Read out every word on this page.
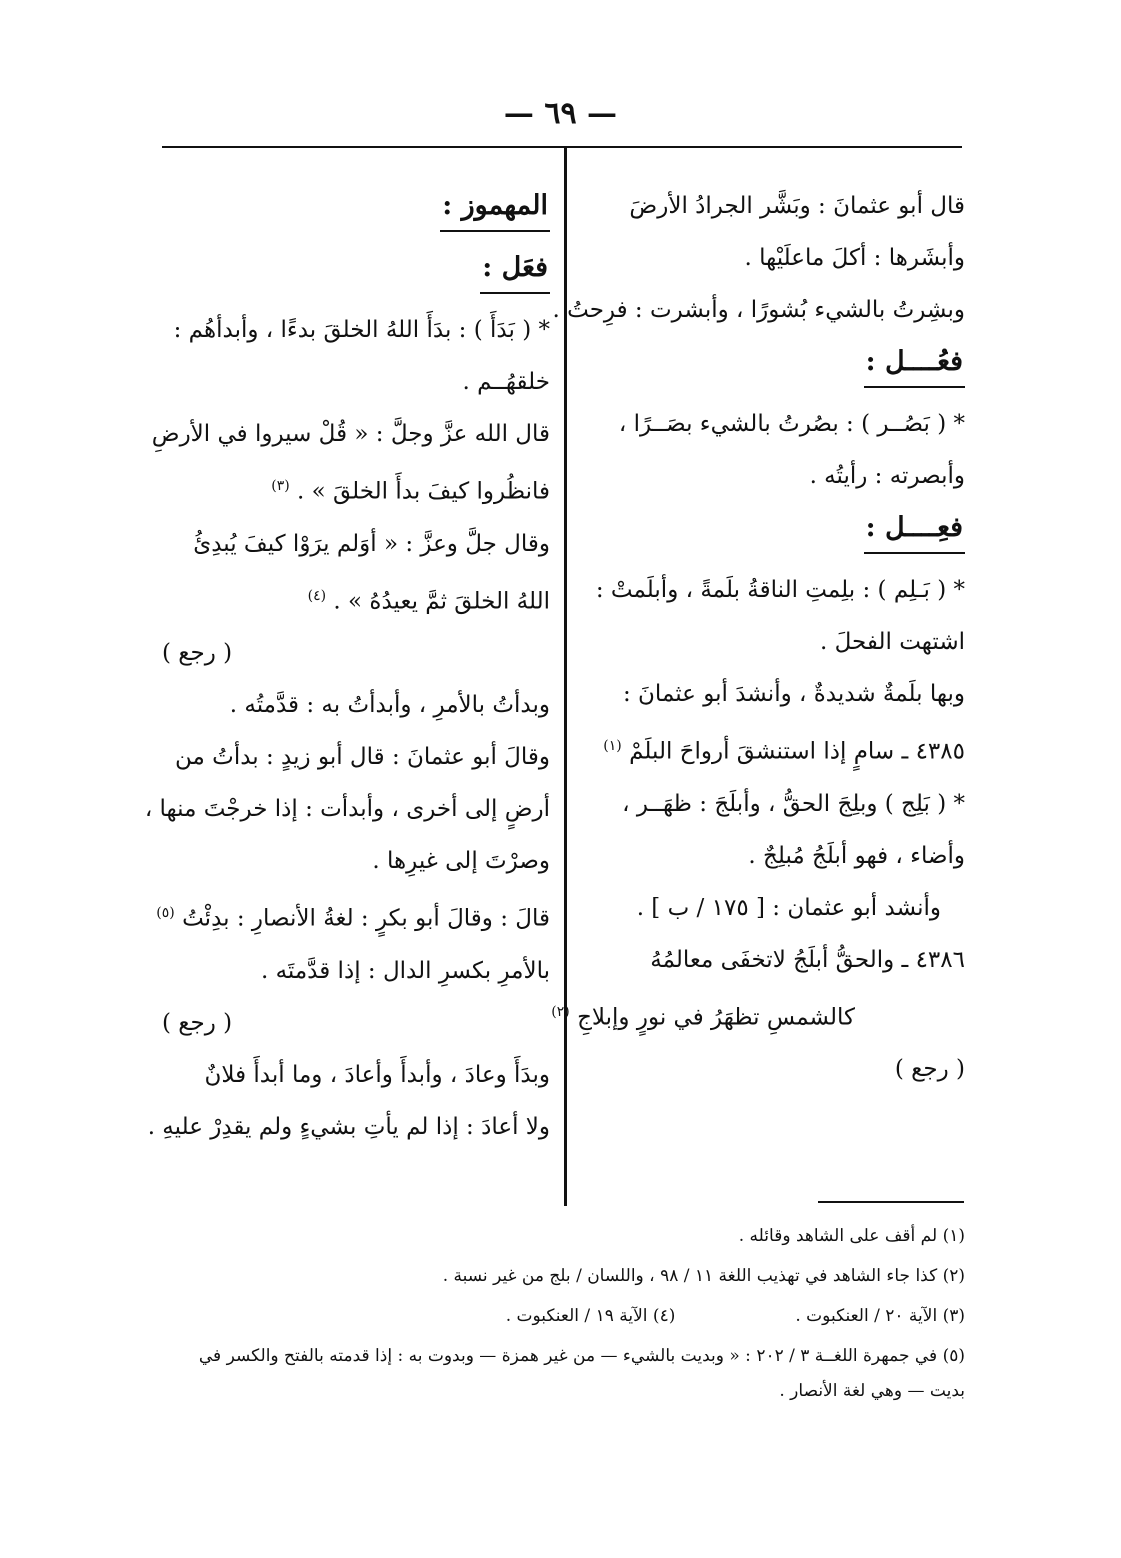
— ٦٩ —
قال أبو عثمانَ : وبَشَّر الجرادُ الأرضَ
وأبشَرها : أكلَ ماعلَيْها .
وبشِرتُ بالشيء بُشورًا ، وأبشرت : فرِحتُ .
فعُــــل :
* ( بَصُــر ) : بصُرتُ بالشيء بصَــرًا ،
وأبصرته : رأيتُه .
فعِــــل :
* ( بَـلِم ) : بلِمتِ الناقةُ بلَمةً ، وأبلَمتْ :
اشتهت الفحلَ .
وبها بلَمةٌ شديدةٌ ، وأنشدَ أبو عثمانَ :
٤٣٨٥ ـ سامٍ إذا استنشقَ أرواحَ البلَمْ $^{(١)}$
* ( بَلِج ) وبلِجَ الحقُّ ، وأبلَجَ : ظهَــر ،
وأضاء ، فهو أبلَجُ مُبلِجٌ .
وأنشد أبو عثمان : [ ١٧٥ / ب ] .
٤٣٨٦ ـ والحقُّ أبلَجُ لاتخفَى معالمُهُ
كالشمسِ تظهَرُ في نورٍ وإبلاجِ $^{(٢)}$
( رجع )
المهموز :
فعَل :
* ( بَدَأَ ) : بدَأَ اللهُ الخلقَ بدءًا ، وأبدأهُم :
خلقهُــم .
قال الله عزَّ وجلَّ : « قُلْ سيروا في الأرضِ
فانظُروا كيفَ بدأَ الخلقَ » . $^{(٣)}$
وقال جلَّ وعزَّ : « أوَلم يرَوْا كيفَ يُبدِئُ
اللهُ الخلقَ ثمَّ يعيدُهُ » . $^{(٤)}$
( رجع )
وبدأتُ بالأمرِ ، وأبدأتُ به : قدَّمتُه .
وقالَ أبو عثمانَ : قال أبو زيدٍ : بدأتُ من
أرضٍ إلى أخرى ، وأبدأت : إذا خرجْتَ منها ،
وصرْتَ إلى غيرِها .
قالَ : وقالَ أبو بكرٍ : لغةُ الأنصارِ : بدِئْتُ $^{(٥)}$
بالأمرِ بكسرِ الدال : إذا قدَّمتَه .
( رجع )
وبدَأَ وعادَ ، وأبدأَ وأعادَ ، وما أبدأَ فلانٌ
ولا أعادَ : إذا لم يأتِ بشيءٍ ولم يقدِرْ عليهِ .
(١) لم أقف على الشاهد وقائله .
(٢) كذا جاء الشاهد في تهذيب اللغة ١١ / ٩٨ ، واللسان / بلج من غير نسبة .
(٣) الآية ٢٠ / العنكبوت .
(٤) الآية ١٩ / العنكبوت .
(٥) في جمهرة اللغــة ٣ / ٢٠٢ : « وبديت بالشيء — من غير همزة — وبدوت به : إذا قدمته بالفتح والكسر في
بديت — وهي لغة الأنصار .
